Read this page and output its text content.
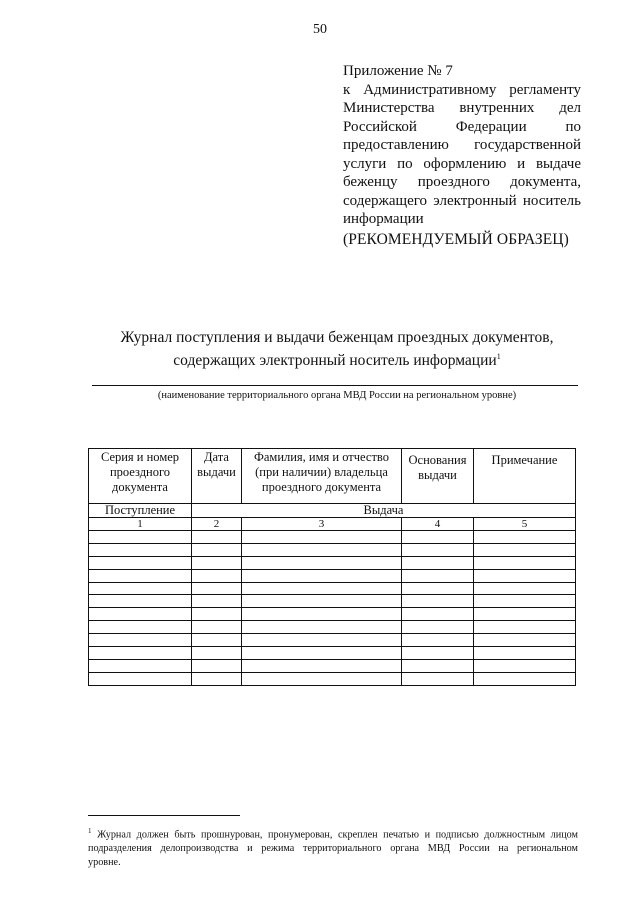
50
Приложение № 7
к Административному регламенту
Министерства внутренних дел
Российской Федерации по
предоставлению государственной
услуги по оформлению и выдаче
беженцу проездного документа,
содержащего электронный носитель
информации
(РЕКОМЕНДУЕМЫЙ ОБРАЗЕЦ)
Журнал поступления и выдачи беженцам проездных документов,
содержащих электронный носитель информации$^1$
(наименование территориального органа МВД России на региональном уровне)
Серия и номер проездного документа	Дата выдачи	Фамилия, имя и отчество (при наличии) владельца проездного документа	Основания выдачи	Примечание
Поступление	Выдача			
1	2	3	4	5

$^1$ Журнал должен быть прошнурован, пронумерован, скреплен печатью и подписью должностным лицом
подразделения делопроизводства и режима территориального органа МВД России на региональном
уровне.
